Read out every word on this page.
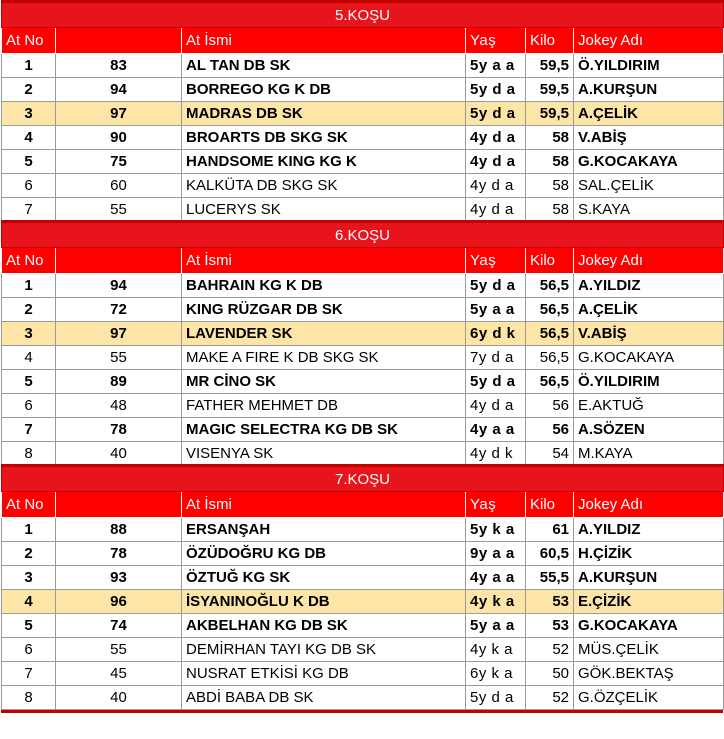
5.KOŞU					
At No		At İsmi	Yaş	Kilo	Jokey Adı
1	83	AL TAN DB SK	5y a a	59,5	Ö.YILDIRIM
2	94	BORREGO KG K DB	5y d a	59,5	A.KURŞUN
3	97	MADRAS DB SK	5y d a	59,5	A.ÇELİK
4	90	BROARTS DB SKG SK	4y d a	58	V.ABİŞ
5	75	HANDSOME KING KG K	4y d a	58	G.KOCAKAYA
6	60	KALKÜTA DB SKG SK	4y d a	58	SAL.ÇELİK
7	55	LUCERYS SK	4y d a	58	S.KAYA
6.KOŞU					
At No		At İsmi	Yaş	Kilo	Jokey Adı
1	94	BAHRAIN KG K DB	5y d a	56,5	A.YILDIZ
2	72	KING RÜZGAR DB SK	5y a a	56,5	A.ÇELİK
3	97	LAVENDER SK	6y d k	56,5	V.ABİŞ
4	55	MAKE A FIRE K DB SKG SK	7y d a	56,5	G.KOCAKAYA
5	89	MR CİNO SK	5y d a	56,5	Ö.YILDIRIM
6	48	FATHER MEHMET DB	4y d a	56	E.AKTUĞ
7	78	MAGIC SELECTRA KG DB SK	4y a a	56	A.SÖZEN
8	40	VISENYA SK	4y d k	54	M.KAYA
7.KOŞU					
At No		At İsmi	Yaş	Kilo	Jokey Adı
1	88	ERSANŞAH	5y k a	61	A.YILDIZ
2	78	ÖZÜDOĞRU KG DB	9y a a	60,5	H.ÇİZİK
3	93	ÖZTUĞ KG SK	4y a a	55,5	A.KURŞUN
4	96	İSYANINOĞLU K DB	4y k a	53	E.ÇİZİK
5	74	AKBELHAN KG DB SK	5y a a	53	G.KOCAKAYA
6	55	DEMİRHAN TAYI KG DB SK	4y k a	52	MÜS.ÇELİK
7	45	NUSRAT ETKİSİ KG DB	6y k a	50	GÖK.BEKTAŞ
8	40	ABDİ BABA DB SK	5y d a	52	G.ÖZÇELİK
